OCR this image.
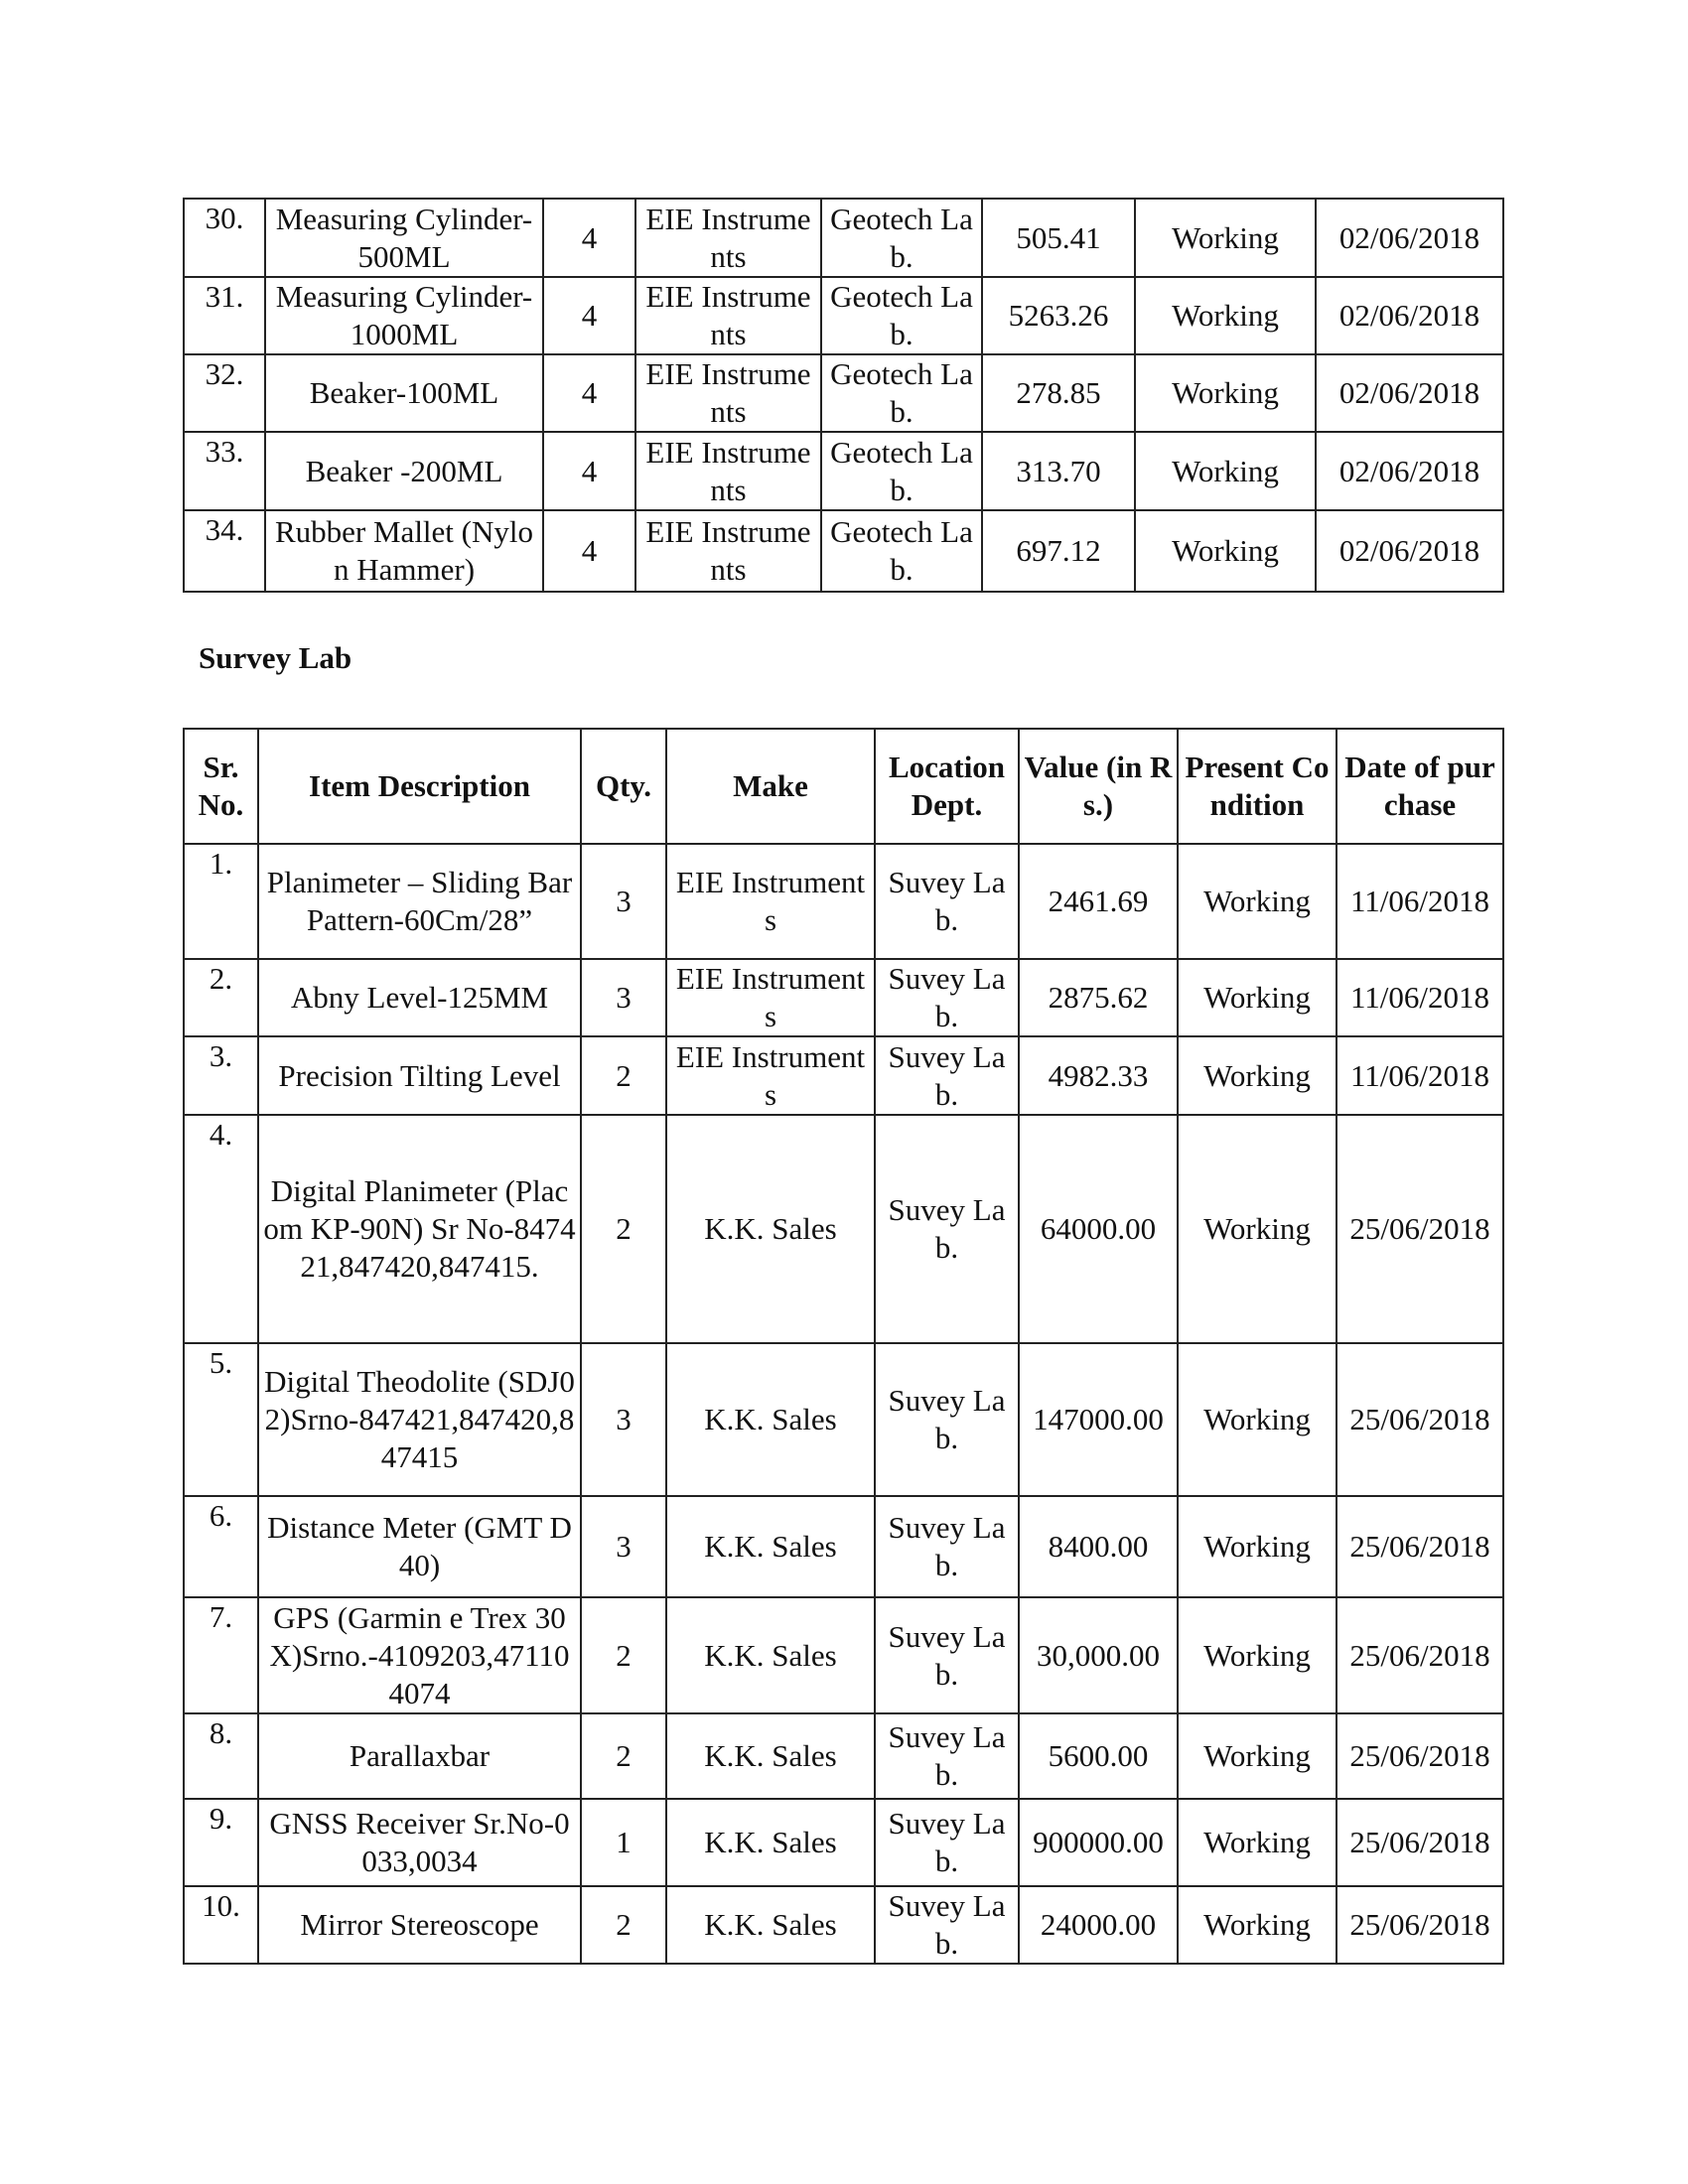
30.	Measuring Cylinder-500ML	4	EIE Instruments	Geotech Lab.	505.41	Working	02/06/2018
31.	Measuring Cylinder-1000ML	4	EIE Instruments	Geotech Lab.	5263.26	Working	02/06/2018
32.	Beaker-100ML	4	EIE Instruments	Geotech Lab.	278.85	Working	02/06/2018
33.	Beaker -200ML	4	EIE Instruments	Geotech Lab.	313.70	Working	02/06/2018
34.	Rubber Mallet (Nylon Hammer)	4	EIE Instruments	Geotech Lab.	697.12	Working	02/06/2018
Survey Lab
Sr. No.	Item Description	Qty.	Make	Location Dept.	Value (in Rs.)	Present Condition	Date of purchase
1.	Planimeter – Sliding Bar Pattern-60Cm/28”	3	EIE Instruments	Suvey Lab.	2461.69	Working	11/06/2018
2.	Abny Level-125MM	3	EIE Instruments	Suvey Lab.	2875.62	Working	11/06/2018
3.	Precision Tilting Level	2	EIE Instruments	Suvey Lab.	4982.33	Working	11/06/2018
4.	Digital Planimeter (Placom KP-90N) Sr No-847421,847420,847415.	2	K.K. Sales	Suvey Lab.	64000.00	Working	25/06/2018
5.	Digital Theodolite (SDJ02)Srno-847421,847420,847415	3	K.K. Sales	Suvey Lab.	147000.00	Working	25/06/2018
6.	Distance Meter (GMT D40)	3	K.K. Sales	Suvey Lab.	8400.00	Working	25/06/2018
7.	GPS (Garmin e Trex 30X)Srno.-4109203,471104074	2	K.K. Sales	Suvey Lab.	30,000.00	Working	25/06/2018
8.	Parallaxbar	2	K.K. Sales	Suvey Lab.	5600.00	Working	25/06/2018
9.	GNSS Receiver Sr.No-0033,0034	1	K.K. Sales	Suvey Lab.	900000.00	Working	25/06/2018
10.	Mirror Stereoscope	2	K.K. Sales	Suvey Lab.	24000.00	Working	25/06/2018
